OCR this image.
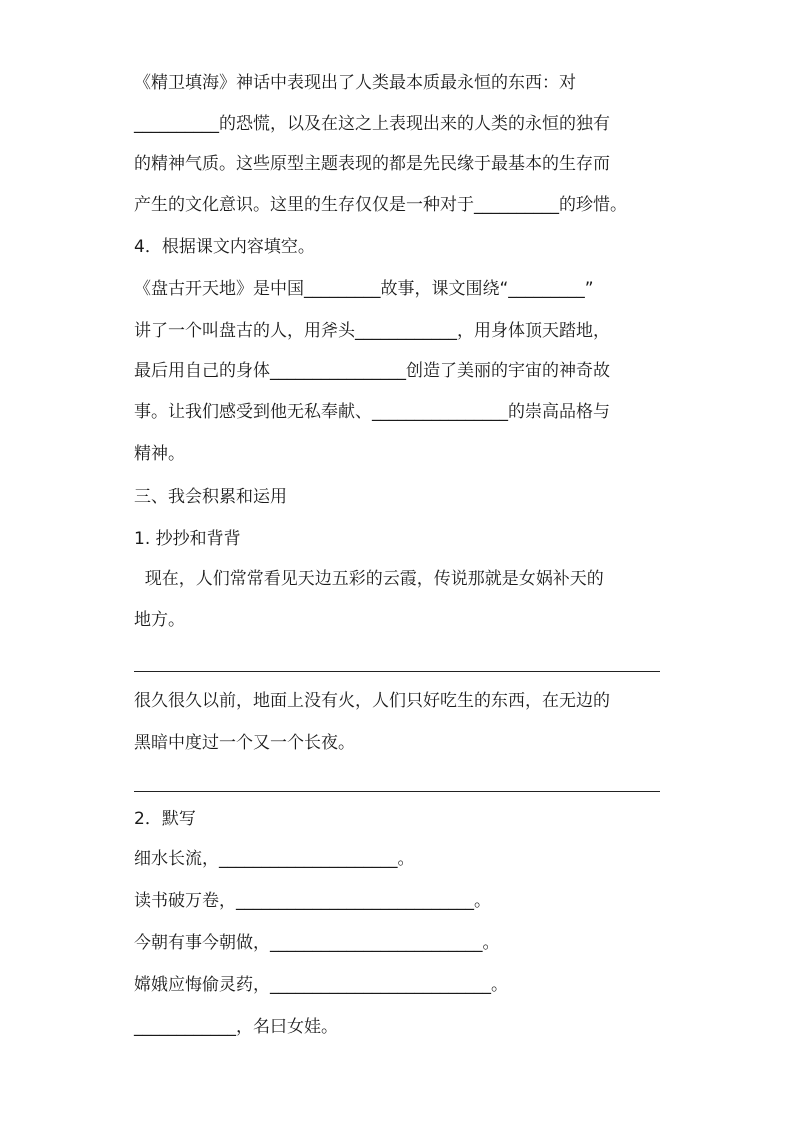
《精卫填海》神话中表现出了人类最本质最永恒的东西：对

__________的恐慌，以及在这之上表现出来的人类的永恒的独有

的精神气质。这些原型主题表现的都是先民缘于最基本的生存而

产生的文化意识。这里的生存仅仅是一种对于__________的珍惜。

4．根据课文内容填空。

《盘古开天地》是中国_________故事，课文围绕“_________”

讲了一个叫盘古的人，用斧头____________，用身体顶天踏地，

最后用自己的身体________________创造了美丽的宇宙的神奇故

事。让我们感受到他无私奉献、________________的崇高品格与

精神。

三、我会积累和运用

1. 抄抄和背背

现在，人们常常看见天边五彩的云霞，传说那就是女娲补天的

地方。

很久很久以前，地面上没有火，人们只好吃生的东西，在无边的

黑暗中度过一个又一个长夜。

2．默写

细水长流，_____________________。

读书破万卷，____________________________。

今朝有事今朝做，_________________________。

嫦娥应悔偷灵药，__________________________。

____________，名曰女娃。
